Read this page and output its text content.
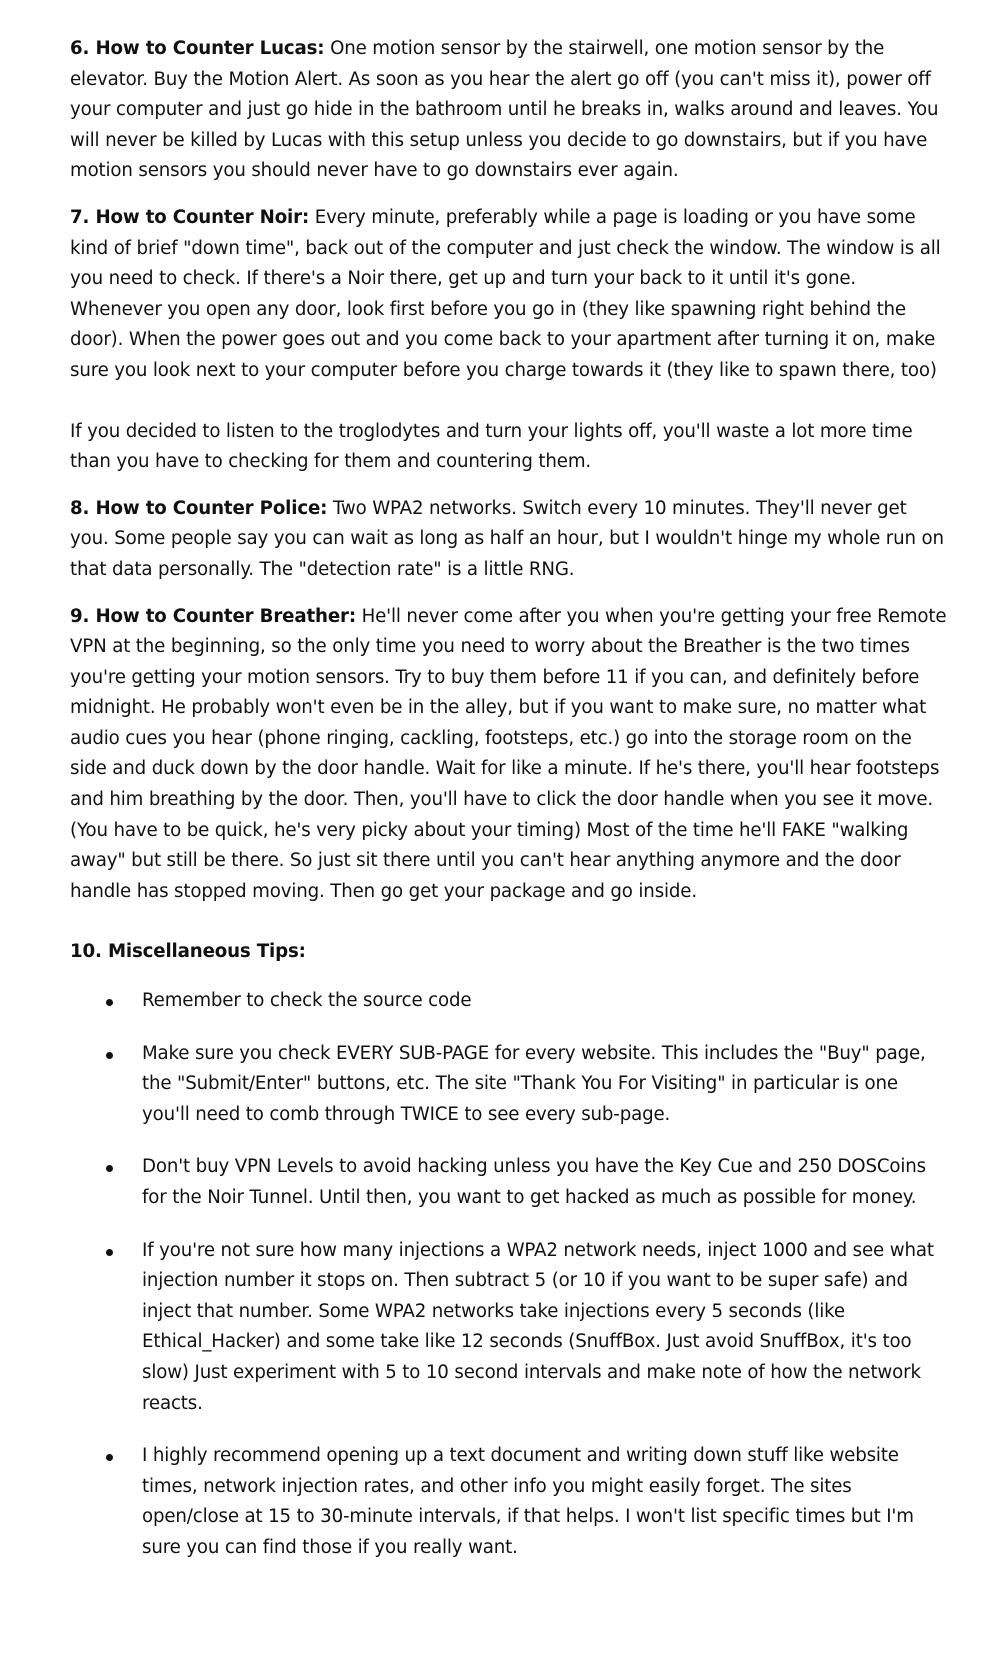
6. How to Counter Lucas: One motion sensor by the stairwell, one motion sensor by the elevator. Buy the Motion Alert. As soon as you hear the alert go off (you can't miss it), power off your computer and just go hide in the bathroom until he breaks in, walks around and leaves. You will never be killed by Lucas with this setup unless you decide to go downstairs, but if you have motion sensors you should never have to go downstairs ever again.

7. How to Counter Noir: Every minute, preferably while a page is loading or you have some kind of brief "down time", back out of the computer and just check the window. The window is all you need to check. If there's a Noir there, get up and turn your back to it until it's gone. Whenever you open any door, look first before you go in (they like spawning right behind the door). When the power goes out and you come back to your apartment after turning it on, make sure you look next to your computer before you charge towards it (they like to spawn there, too)

If you decided to listen to the troglodytes and turn your lights off, you'll waste a lot more time than you have to checking for them and countering them.

8. How to Counter Police: Two WPA2 networks. Switch every 10 minutes. They'll never get you. Some people say you can wait as long as half an hour, but I wouldn't hinge my whole run on that data personally. The "detection rate" is a little RNG.

9. How to Counter Breather: He'll never come after you when you're getting your free Remote VPN at the beginning, so the only time you need to worry about the Breather is the two times you're getting your motion sensors. Try to buy them before 11 if you can, and definitely before midnight. He probably won't even be in the alley, but if you want to make sure, no matter what audio cues you hear (phone ringing, cackling, footsteps, etc.) go into the storage room on the side and duck down by the door handle. Wait for like a minute. If he's there, you'll hear footsteps and him breathing by the door. Then, you'll have to click the door handle when you see it move. (You have to be quick, he's very picky about your timing) Most of the time he'll FAKE "walking away" but still be there. So just sit there until you can't hear anything anymore and the door handle has stopped moving. Then go get your package and go inside.

10. Miscellaneous Tips:
Remember to check the source code
Make sure you check EVERY SUB-PAGE for every website. This includes the "Buy" page, the "Submit/Enter" buttons, etc. The site "Thank You For Visiting" in particular is one you'll need to comb through TWICE to see every sub-page.
Don't buy VPN Levels to avoid hacking unless you have the Key Cue and 250 DOSCoins for the Noir Tunnel. Until then, you want to get hacked as much as possible for money.
If you're not sure how many injections a WPA2 network needs, inject 1000 and see what injection number it stops on. Then subtract 5 (or 10 if you want to be super safe) and inject that number. Some WPA2 networks take injections every 5 seconds (like Ethical_Hacker) and some take like 12 seconds (SnuffBox. Just avoid SnuffBox, it's too slow) Just experiment with 5 to 10 second intervals and make note of how the network reacts.
I highly recommend opening up a text document and writing down stuff like website times, network injection rates, and other info you might easily forget. The sites open/close at 15 to 30-minute intervals, if that helps. I won't list specific times but I'm sure you can find those if you really want.
